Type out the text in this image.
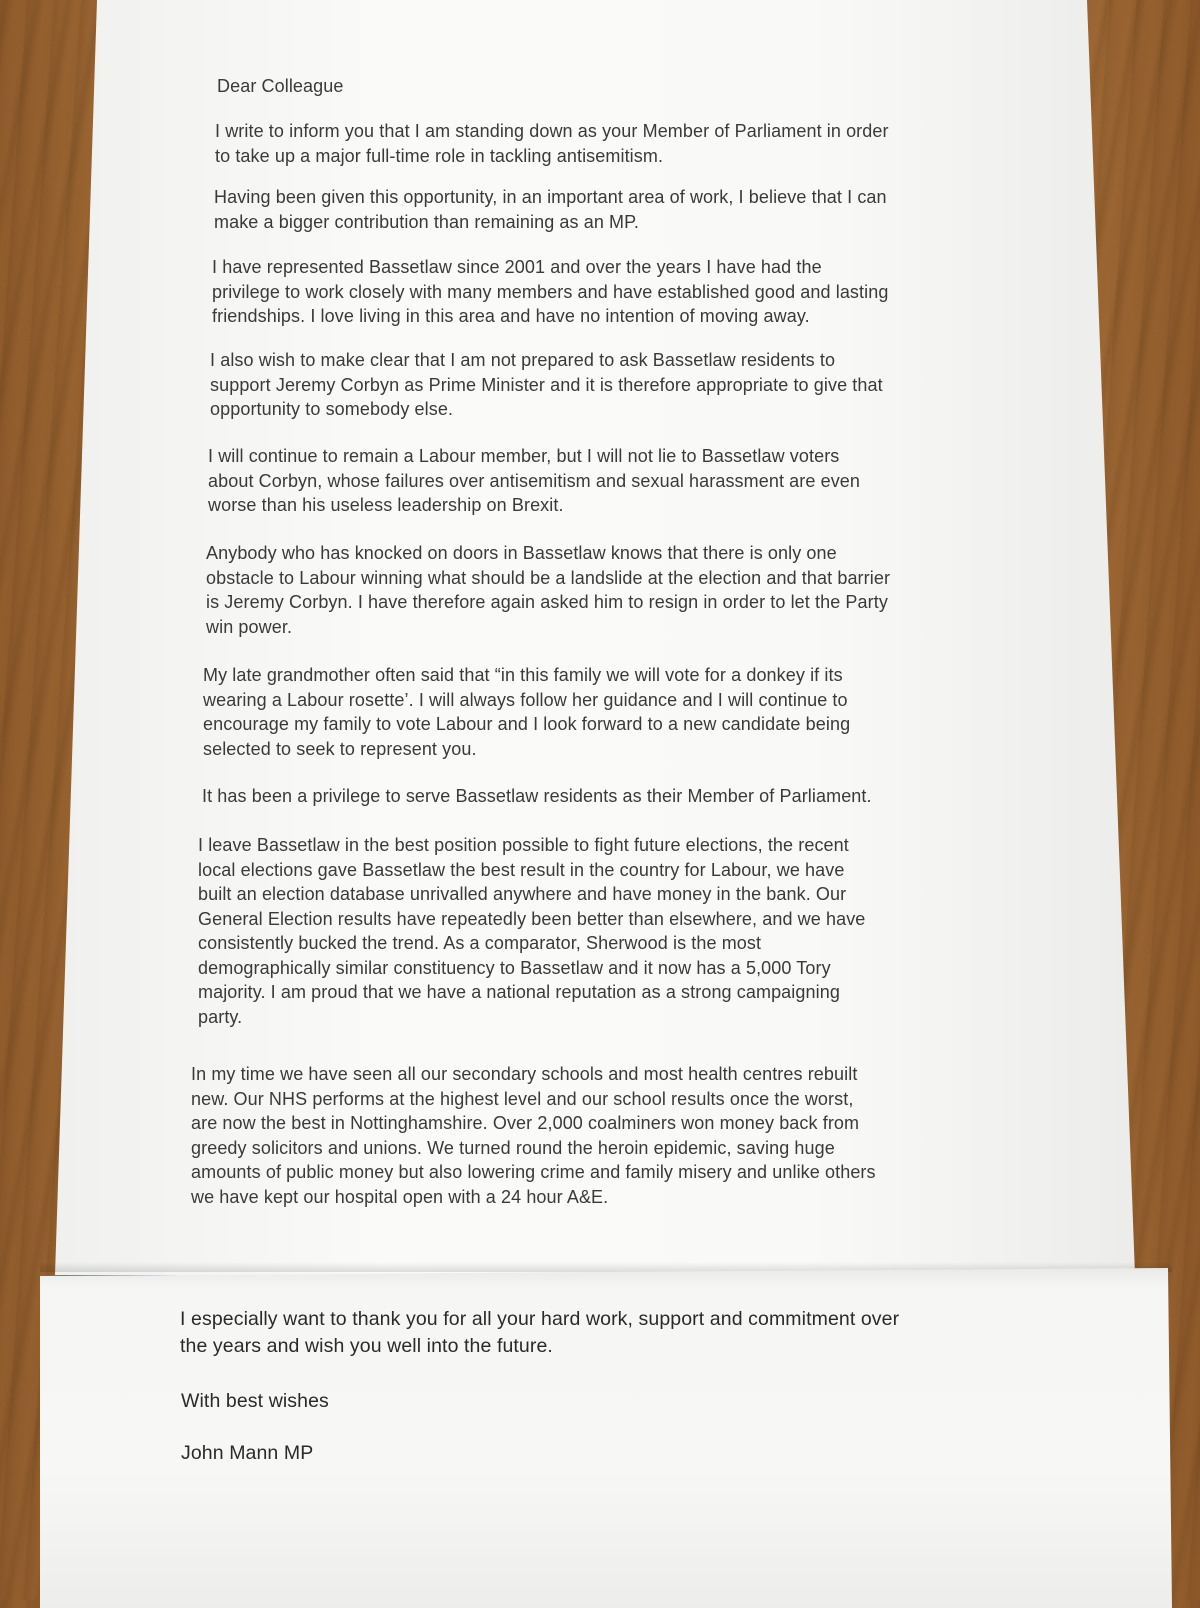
Dear Colleague
I write to inform you that I am standing down as your Member of Parliament in order
to take up a major full-time role in tackling antisemitism.
Having been given this opportunity, in an important area of work, I believe that I can
make a bigger contribution than remaining as an MP.
I have represented Bassetlaw since 2001 and over the years I have had the
privilege to work closely with many members and have established good and lasting
friendships. I love living in this area and have no intention of moving away.
I also wish to make clear that I am not prepared to ask Bassetlaw residents to
support Jeremy Corbyn as Prime Minister and it is therefore appropriate to give that
opportunity to somebody else.
I will continue to remain a Labour member, but I will not lie to Bassetlaw voters
about Corbyn, whose failures over antisemitism and sexual harassment are even
worse than his useless leadership on Brexit.
Anybody who has knocked on doors in Bassetlaw knows that there is only one
obstacle to Labour winning what should be a landslide at the election and that barrier
is Jeremy Corbyn. I have therefore again asked him to resign in order to let the Party
win power.
My late grandmother often said that “in this family we will vote for a donkey if its
wearing a Labour rosette’. I will always follow her guidance and I will continue to
encourage my family to vote Labour and I look forward to a new candidate being
selected to seek to represent you.
It has been a privilege to serve Bassetlaw residents as their Member of Parliament.
I leave Bassetlaw in the best position possible to fight future elections, the recent
local elections gave Bassetlaw the best result in the country for Labour, we have
built an election database unrivalled anywhere and have money in the bank. Our
General Election results have repeatedly been better than elsewhere, and we have
consistently bucked the trend. As a comparator, Sherwood is the most
demographically similar constituency to Bassetlaw and it now has a 5,000 Tory
majority. I am proud that we have a national reputation as a strong campaigning
party.
In my time we have seen all our secondary schools and most health centres rebuilt
new. Our NHS performs at the highest level and our school results once the worst,
are now the best in Nottinghamshire. Over 2,000 coalminers won money back from
greedy solicitors and unions. We turned round the heroin epidemic, saving huge
amounts of public money but also lowering crime and family misery and unlike others
we have kept our hospital open with a 24 hour A&E.
I especially want to thank you for all your hard work, support and commitment over
the years and wish you well into the future.
With best wishes
John Mann MP
